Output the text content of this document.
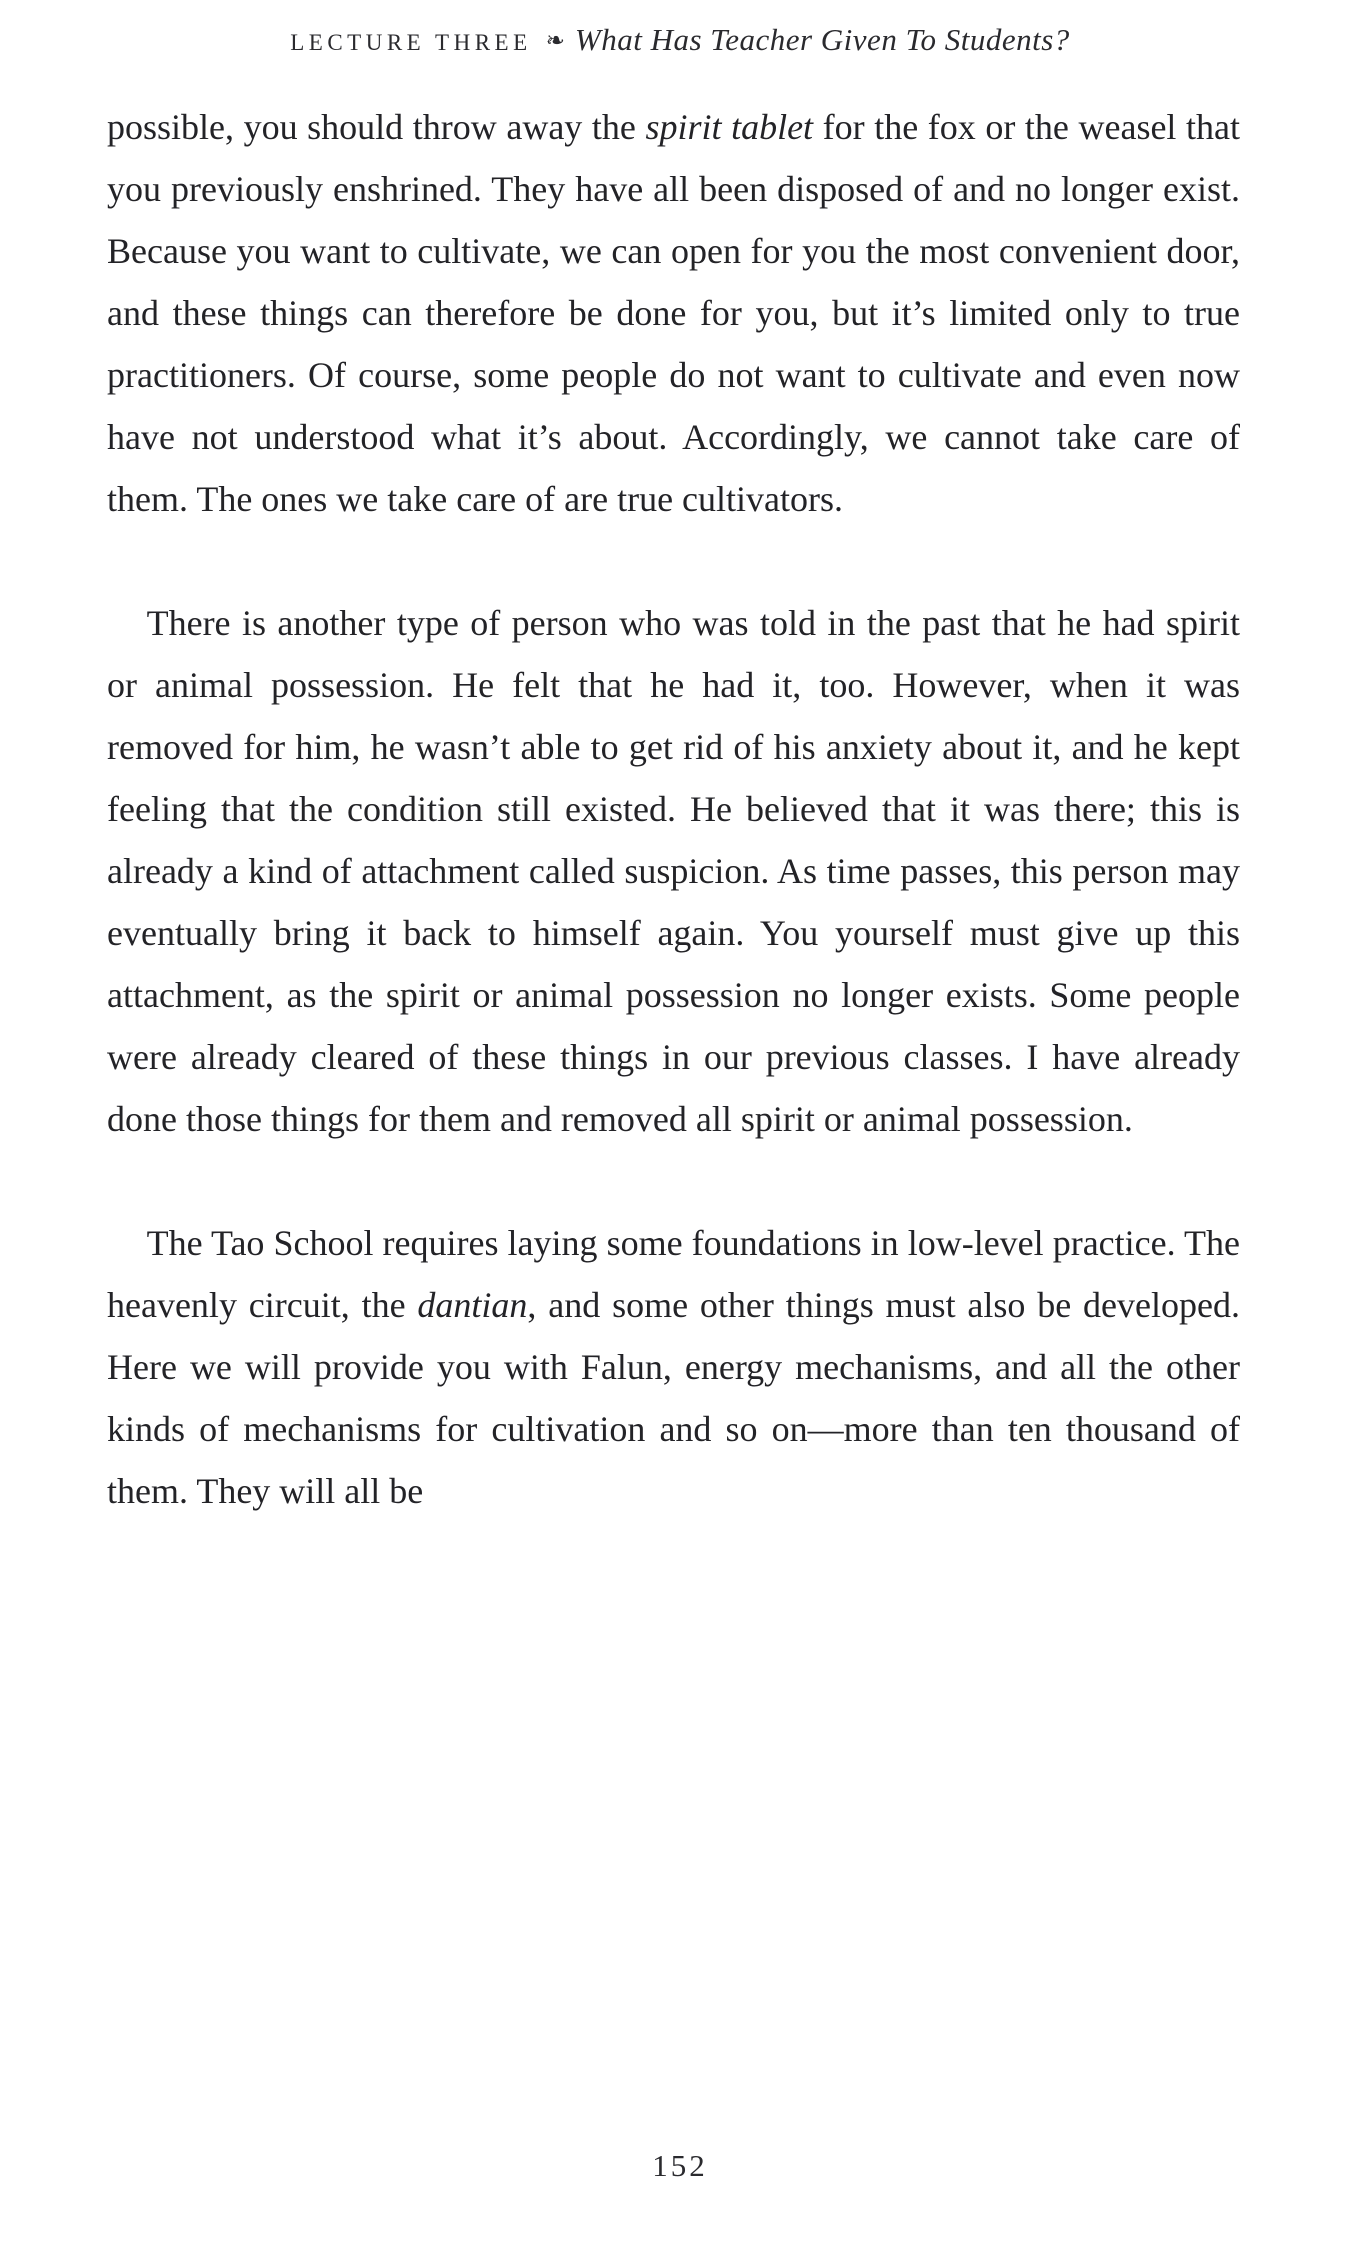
LECTURE THREE ❧ What Has Teacher Given To Students?

possible, you should throw away the spirit tablet for the fox or the weasel that you previously enshrined. They have all been disposed of and no longer exist. Because you want to cultivate, we can open for you the most convenient door, and these things can therefore be done for you, but it’s limited only to true practitioners. Of course, some people do not want to cultivate and even now have not understood what it’s about. Accordingly, we cannot take care of them. The ones we take care of are true cultivators.

There is another type of person who was told in the past that he had spirit or animal possession. He felt that he had it, too. However, when it was removed for him, he wasn’t able to get rid of his anxiety about it, and he kept feeling that the condition still existed. He believed that it was there; this is already a kind of attachment called suspicion. As time passes, this person may eventually bring it back to himself again. You yourself must give up this attachment, as the spirit or animal possession no longer exists. Some people were already cleared of these things in our previous classes. I have already done those things for them and removed all spirit or animal possession.

The Tao School requires laying some foundations in low-level practice. The heavenly circuit, the dantian, and some other things must also be developed. Here we will provide you with Falun, energy mechanisms, and all the other kinds of mechanisms for cultivation and so on—more than ten thousand of them. They will all be

152
